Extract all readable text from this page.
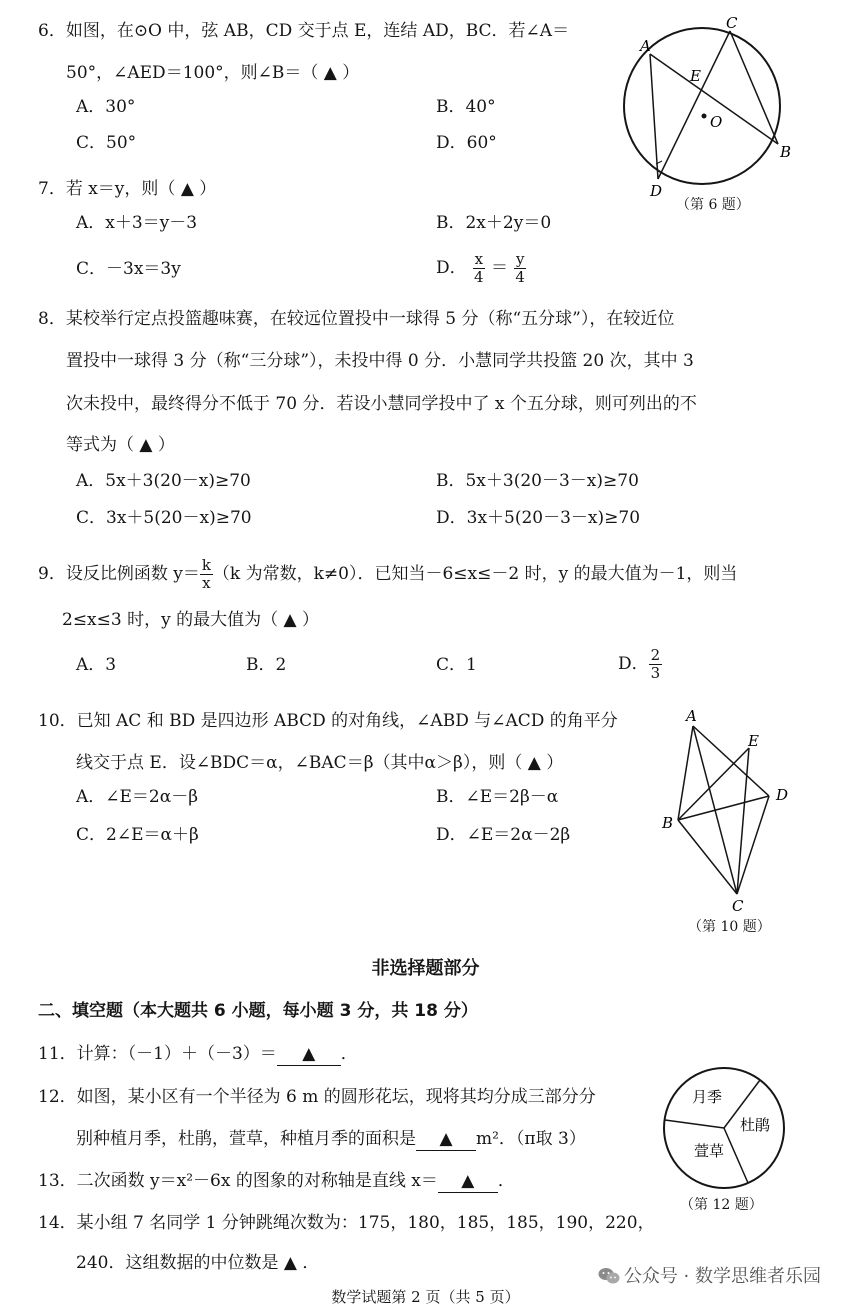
6．如图，在⊙O 中，弦 AB，CD 交于点 E，连结 AD，BC．若∠A＝
50°，∠AED＝100°，则∠B＝（ ▲ ）
A．30°	B．40°
C．50°	D．60°
A
C
E
O
B
D
（第 6 题）
7．若 x＝y，则（ ▲ ）
A．x＋3＝y－3	B．2x＋2y＝0
C．－3x＝3y	D． $\frac{x}{4} = \frac{y}{4}$
8．某校举行定点投篮趣味赛，在较远位置投中一球得 5 分（称“五分球”），在较近位
置投中一球得 3 分（称“三分球”），未投中得 0 分．小慧同学共投篮 20 次，其中 3
次未投中，最终得分不低于 70 分．若设小慧同学投中了 x 个五分球，则可列出的不
等式为（ ▲ ）
A．5x＋3(20－x)≥70	B．5x＋3(20－3－x)≥70
C．3x＋5(20－x)≥70	D．3x＋5(20－3－x)≥70
9．设反比例函数 $y= \frac{k}{x} (k$ 为常数，k≠0）．已知当－6≤x≤－2 时，y 的最大值为－1，则当
2≤x≤3 时，y 的最大值为（ ▲ ）
A．3	B．2	C．1	D． $\frac{2}{3}$
10．已知 AC 和 BD 是四边形 ABCD 的对角线，∠ABD 与∠ACD 的角平分
线交于点 E．设∠BDC＝α，∠BAC＝β（其中α＞β），则（ ▲ ）
A．∠E＝2α－β	B．∠E＝2β－α
C．2∠E＝α＋β	D．∠E＝2α－2β
A
E
D
B
C
（第 10 题）
非选择题部分
二、填空题（本大题共 6 小题，每小题 3 分，共 18 分）
11．计算：（－1）＋（－3）＝ ▲ ．
12．如图，某小区有一个半径为 6 m 的圆形花坛，现将其均分成三部分分
别种植月季，杜鹃，萱草，种植月季的面积是 ▲ m²．（π取 3）
月季
杜鹃
萱草
（第 12 题）
13．二次函数 y＝x²－6x 的图象的对称轴是直线 x＝ ▲ ．
14．某小组 7 名同学 1 分钟跳绳次数为：175，180，185，185，190，220，
240．这组数据的中位数是 ▲ ．
公众号 · 数学思维者乐园
数学试题第 2 页（共 5 页）
